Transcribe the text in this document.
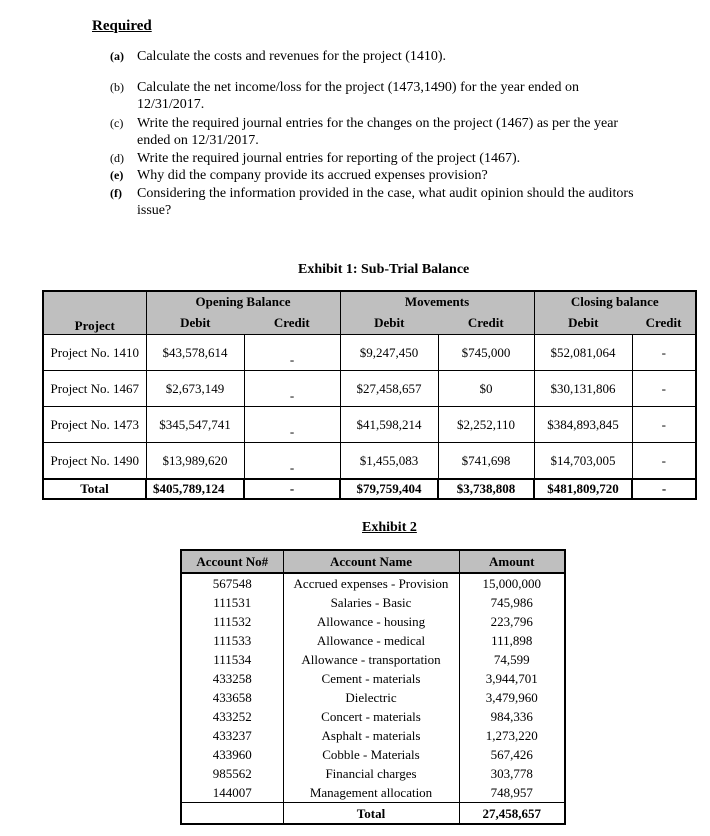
Required
(a) Calculate the costs and revenues for the project (1410).
(b) Calculate the net income/loss for the project (1473,1490) for the year ended on 12/31/2017.
(c) Write the required journal entries for the changes on the project (1467) as per the year ended on 12/31/2017.
(d) Write the required journal entries for reporting of the project (1467).
(e) Why did the company provide its accrued expenses provision?
(f) Considering the information provided in the case, what audit opinion should the auditors issue?
Exhibit 1: Sub-Trial Balance
	Opening Balance		Movements		Closing balance	
Project	Debit	Credit	Debit	Credit	Debit	Credit
Project No. 1410	$43,578,614	-	$9,247,450	$745,000	$52,081,064	-
Project No. 1467	$2,673,149	-	$27,458,657	$0	$30,131,806	-
Project No. 1473	$345,547,741	-	$41,598,214	$2,252,110	$384,893,845	-
Project No. 1490	$13,989,620	-	$1,455,083	$741,698	$14,703,005	-
Total	$405,789,124	-	$79,759,404	$3,738,808	$481,809,720	-
Exhibit 2
Account No#	Account Name	Amount
567548	Accrued expenses - Provision	15,000,000
111531	Salaries - Basic	745,986
111532	Allowance - housing	223,796
111533	Allowance - medical	111,898
111534	Allowance - transportation	74,599
433258	Cement - materials	3,944,701
433658	Dielectric	3,479,960
433252	Concert - materials	984,336
433237	Asphalt - materials	1,273,220
433960	Cobble - Materials	567,426
985562	Financial charges	303,778
144007	Management allocation	748,957
	Total	27,458,657
